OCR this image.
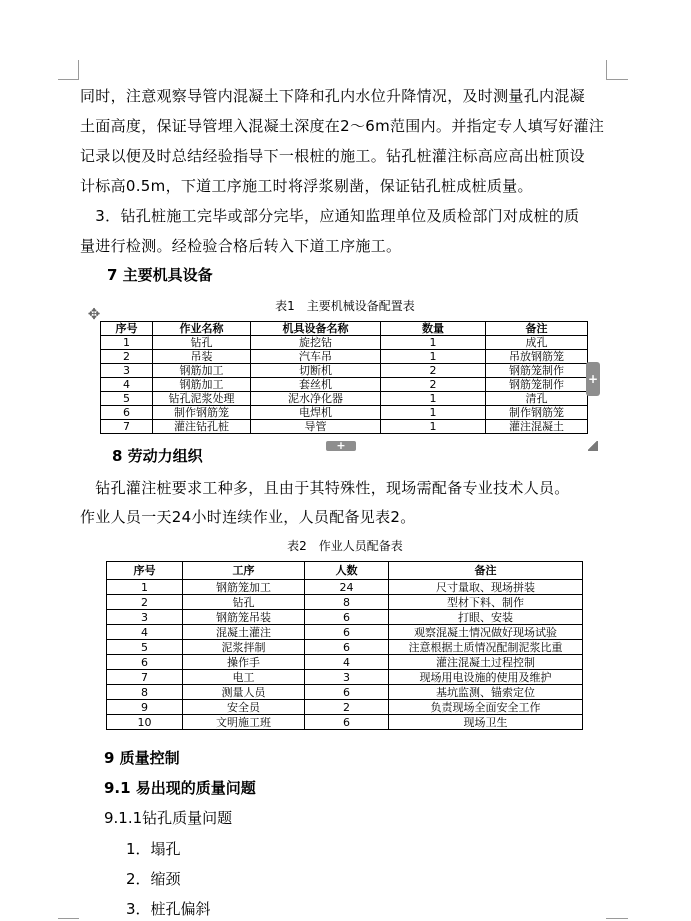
同时，注意观察导管内混凝土下降和孔内水位升降情况，及时测量孔内混凝

土面高度，保证导管埋入混凝土深度在2～6m范围内。并指定专人填写好灌注

记录以便及时总结经验指导下一根桩的施工。钻孔桩灌注标高应高出桩顶设

计标高0.5m，下道工序施工时将浮浆剔凿，保证钻孔桩成桩质量。

　3．钻孔桩施工完毕或部分完毕，应通知监理单位及质检部门对成桩的质

量进行检测。经检验合格后转入下道工序施工。

7 主要机具设备

表1　主要机械设备配置表

✥
序号	作业名称	机具设备名称	数量	备注
1	钻孔	旋挖钻	1	成孔
2	吊装	汽车吊	1	吊放钢筋笼
3	钢筋加工	切断机	2	钢筋笼制作
4	钢筋加工	套丝机	2	钢筋笼制作
5	钻孔泥浆处理	泥水净化器	1	清孔
6	制作钢筋笼	电焊机	1	制作钢筋笼
7	灌注钻孔桩	导管	1	灌注混凝土
+
+
8 劳动力组织

　钻孔灌注桩要求工种多，且由于其特殊性，现场需配备专业技术人员。

作业人员一天24小时连续作业，人员配备见表2。

表2　作业人员配备表

序号	工序	人数	备注
1	钢筋笼加工	24	尺寸量取、现场拼装
2	钻孔	8	型材下料、制作
3	钢筋笼吊装	6	打眼、安装
4	混凝土灌注	6	观察混凝土情况做好现场试验
5	泥浆拌制	6	注意根据土质情况配制泥浆比重
6	操作手	4	灌注混凝土过程控制
7	电工	3	现场用电设施的使用及维护
8	测量人员	6	基坑监测、锚索定位
9	安全员	2	负责现场全面安全工作
10	文明施工班	6	现场卫生
9 质量控制
9.1 易出现的质量问题

9.1.1钻孔质量问题

1．塌孔

2．缩颈

3．桩孔偏斜
